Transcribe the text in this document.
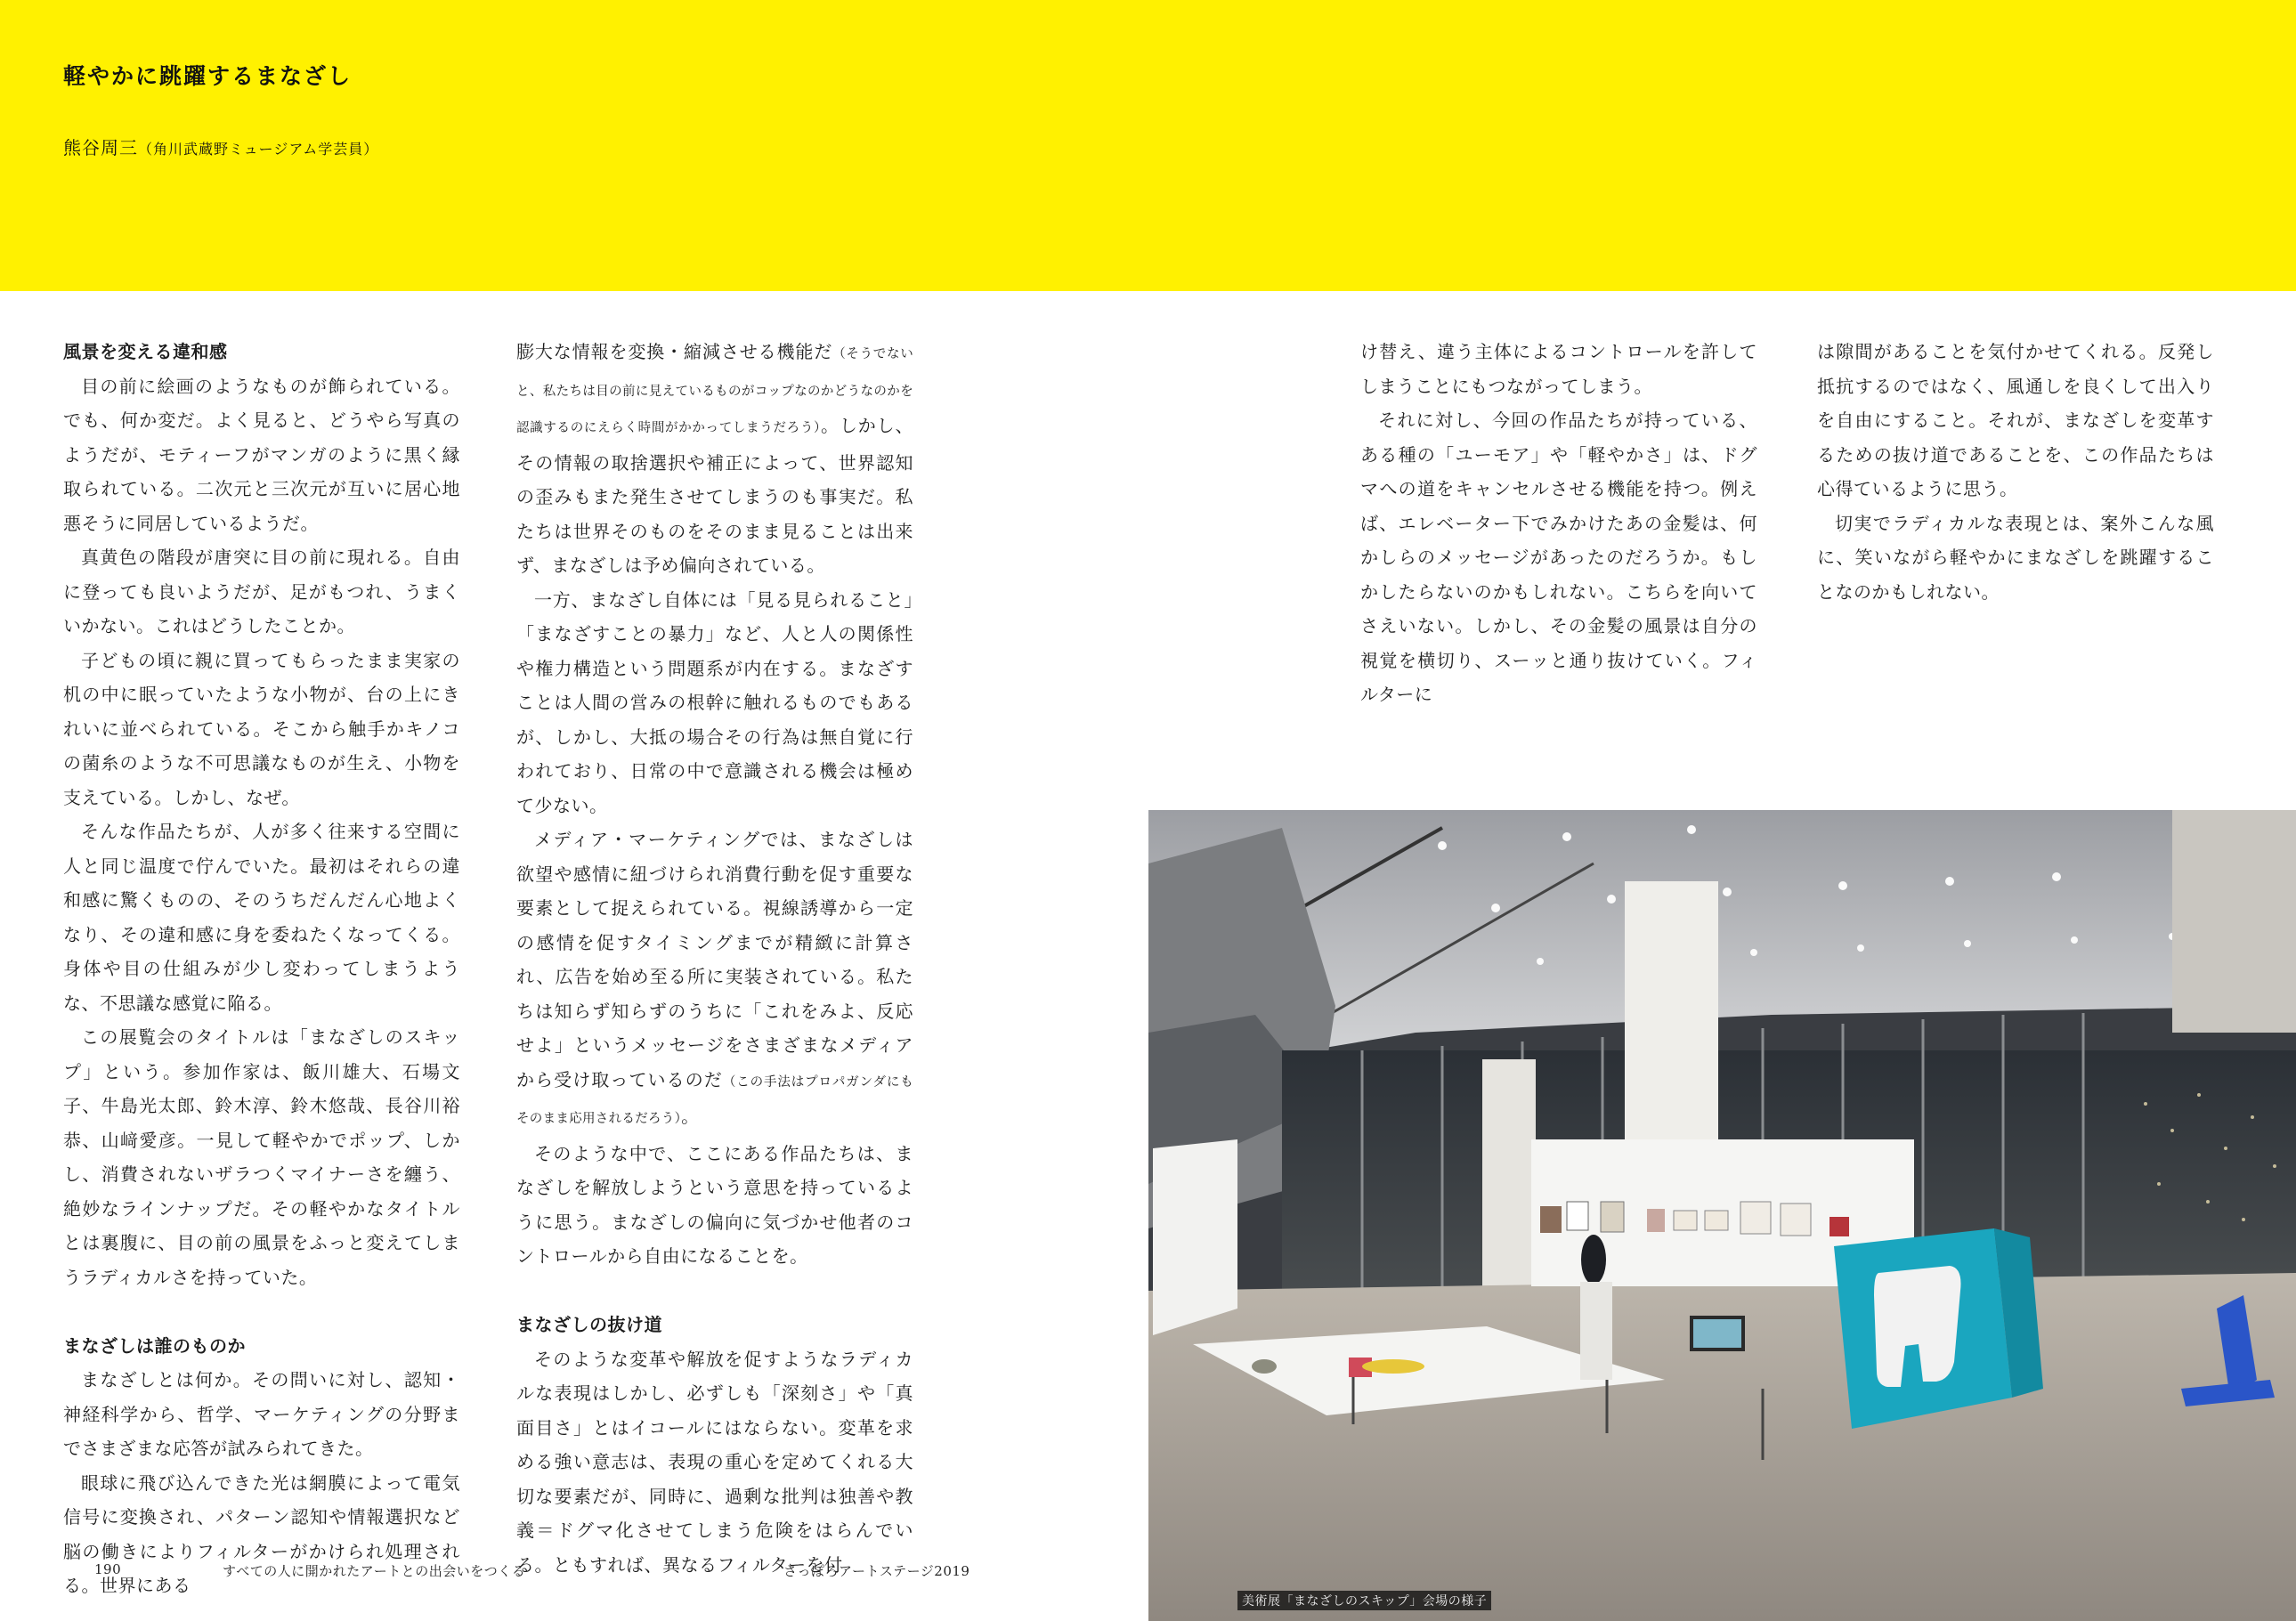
軽やかに跳躍するまなざし
熊谷周三（角川武蔵野ミュージアム学芸員）
風景を変える違和感

目の前に絵画のようなものが飾られている。でも、何か変だ。よく見ると、どうやら写真のようだが、モティーフがマンガのように黒く縁取られている。二次元と三次元が互いに居心地悪そうに同居しているようだ。

真黄色の階段が唐突に目の前に現れる。自由に登っても良いようだが、足がもつれ、うまくいかない。これはどうしたことか。

子どもの頃に親に買ってもらったまま実家の机の中に眠っていたような小物が、台の上にきれいに並べられている。そこから触手かキノコの菌糸のような不可思議なものが生え、小物を支えている。しかし、なぜ。

そんな作品たちが、人が多く往来する空間に人と同じ温度で佇んでいた。最初はそれらの違和感に驚くものの、そのうちだんだん心地よくなり、その違和感に身を委ねたくなってくる。身体や目の仕組みが少し変わってしまうような、不思議な感覚に陥る。

この展覧会のタイトルは「まなざしのスキップ」という。参加作家は、飯川雄大、石場文子、牛島光太郎、鈴木淳、鈴木悠哉、長谷川裕恭、山﨑愛彦。一見して軽やかでポップ、しかし、消費されないザラつくマイナーさを纏う、絶妙なラインナップだ。その軽やかなタイトルとは裏腹に、目の前の風景をふっと変えてしまうラディカルさを持っていた。

まなざしは誰のものか

まなざしとは何か。その問いに対し、認知・神経科学から、哲学、マーケティングの分野までさまざまな応答が試みられてきた。

眼球に飛び込んできた光は網膜によって電気信号に変換され、パターン認知や情報選択など脳の働きによりフィルターがかけられ処理される。世界にある

膨大な情報を変換・縮減させる機能だ（そうでないと、私たちは目の前に見えているものがコップなのかどうなのかを認識するのにえらく時間がかかってしまうだろう）。しかし、その情報の取捨選択や補正によって、世界認知の歪みもまた発生させてしまうのも事実だ。私たちは世界そのものをそのまま見ることは出来ず、まなざしは予め偏向されている。

一方、まなざし自体には「見る見られること」「まなざすことの暴力」など、人と人の関係性や権力構造という問題系が内在する。まなざすことは人間の営みの根幹に触れるものでもあるが、しかし、大抵の場合その行為は無自覚に行われており、日常の中で意識される機会は極めて少ない。

メディア・マーケティングでは、まなざしは欲望や感情に紐づけられ消費行動を促す重要な要素として捉えられている。視線誘導から一定の感情を促すタイミングまでが精緻に計算され、広告を始め至る所に実装されている。私たちは知らず知らずのうちに「これをみよ、反応せよ」というメッセージをさまざまなメディアから受け取っているのだ（この手法はプロパガンダにもそのまま応用されるだろう）。

そのような中で、ここにある作品たちは、まなざしを解放しようという意思を持っているように思う。まなざしの偏向に気づかせ他者のコントロールから自由になることを。

まなざしの抜け道

そのような変革や解放を促すようなラディカルな表現はしかし、必ずしも「深刻さ」や「真面目さ」とはイコールにはならない。変革を求める強い意志は、表現の重心を定めてくれる大切な要素だが、同時に、過剰な批判は独善や教義＝ドグマ化させてしまう危険をはらんでいる。ともすれば、異なるフィルターを付

け替え、違う主体によるコントロールを許してしまうことにもつながってしまう。

それに対し、今回の作品たちが持っている、ある種の「ユーモア」や「軽やかさ」は、ドグマへの道をキャンセルさせる機能を持つ。例えば、エレベーター下でみかけたあの金髪は、何かしらのメッセージがあったのだろうか。もしかしたらないのかもしれない。こちらを向いてさえいない。しかし、その金髪の風景は自分の視覚を横切り、スーッと通り抜けていく。フィルターに

は隙間があることを気付かせてくれる。反発し抵抗するのではなく、風通しを良くして出入りを自由にすること。それが、まなざしを変革するための抜け道であることを、この作品たちは心得ているように思う。

切実でラディカルな表現とは、案外こんな風に、笑いながら軽やかにまなざしを跳躍することなのかもしれない。

190	すべての人に開かれたアートとの出会いをつくる	さっぽろアートステージ2019
美術展「まなざしのスキップ」会場の様子
